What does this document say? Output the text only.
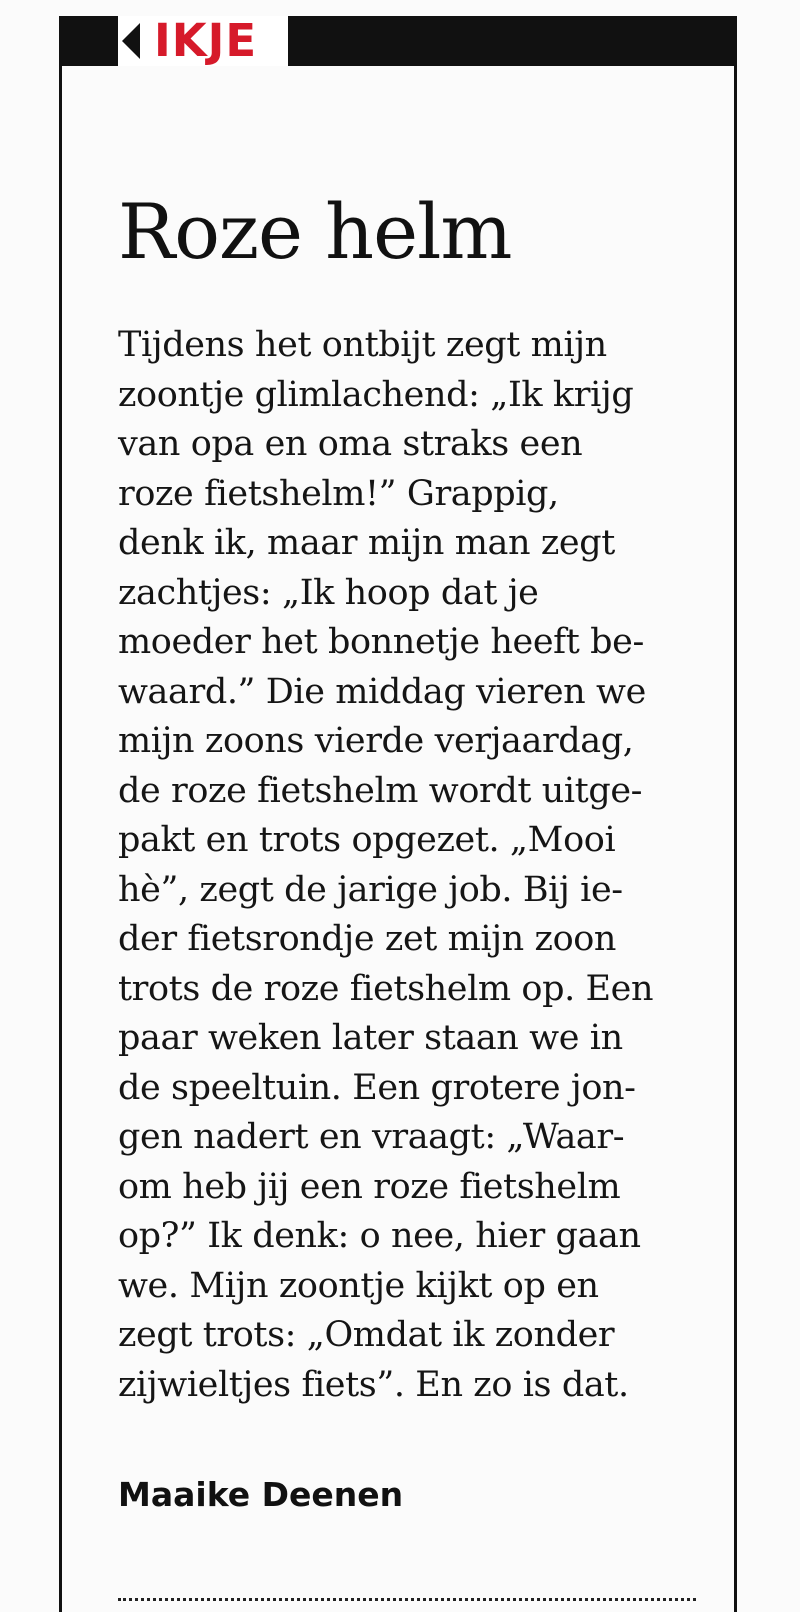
IKJE
Roze helm
Tijdens het ontbijt zegt mijn
zoontje glimlachend: „Ik krijg
van opa en oma straks een
roze fietshelm!” Grappig,
denk ik, maar mijn man zegt
zachtjes: „Ik hoop dat je
moeder het bonnetje heeft be-
waard.” Die middag vieren we
mijn zoons vierde verjaardag,
de roze fietshelm wordt uitge-
pakt en trots opgezet. „Mooi
hè”, zegt de jarige job. Bij ie-
der fietsrondje zet mijn zoon
trots de roze fietshelm op. Een
paar weken later staan we in
de speeltuin. Een grotere jon-
gen nadert en vraagt: „Waar-
om heb jij een roze fietshelm
op?” Ik denk: o nee, hier gaan
we. Mijn zoontje kijkt op en
zegt trots: „Omdat ik zonder
zijwieltjes fiets”. En zo is dat.

Maaike Deenen
